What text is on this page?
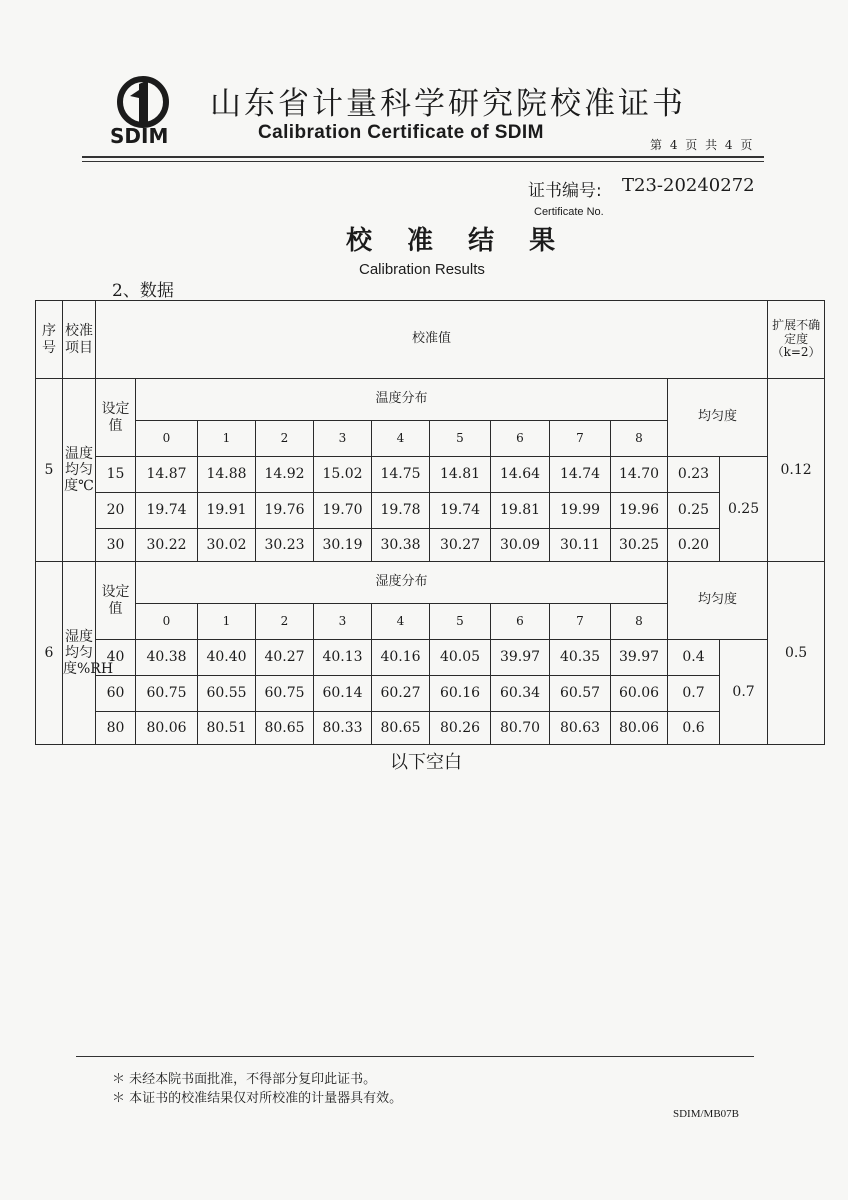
SDIM
山东省计量科学研究院校准证书
Calibration Certificate of SDIM
第 4 页 共 4 页
证书编号: T23-20240272
Certificate No.
校 准 结 果
Calibration Results
2、数据
序号	校准项目	校准值												扩展不确定度（k=2）
5	温度均匀度℃	设定值	温度分布									均匀度		0.12
			0	1	2	3	4	5	6	7	8			
		15	14.87	14.88	14.92	15.02	14.75	14.81	14.64	14.74	14.70	0.23	0.25	
		20	19.74	19.91	19.76	19.70	19.78	19.74	19.81	19.99	19.96	0.25		
		30	30.22	30.02	30.23	30.19	30.38	30.27	30.09	30.11	30.25	0.20		
6	湿度均匀度%RH	设定值	湿度分布									均匀度		0.5
			0	1	2	3	4	5	6	7	8			
		40	40.38	40.40	40.27	40.13	40.16	40.05	39.97	40.35	39.97	0.4	0.7	
		60	60.75	60.55	60.75	60.14	60.27	60.16	60.34	60.57	60.06	0.7		
		80	80.06	80.51	80.65	80.33	80.65	80.26	80.70	80.63	80.06	0.6		
以下空白
＊ 未经本院书面批准，不得部分复印此证书。
＊ 本证书的校准结果仅对所校准的计量器具有效。
SDIM/MB07B
